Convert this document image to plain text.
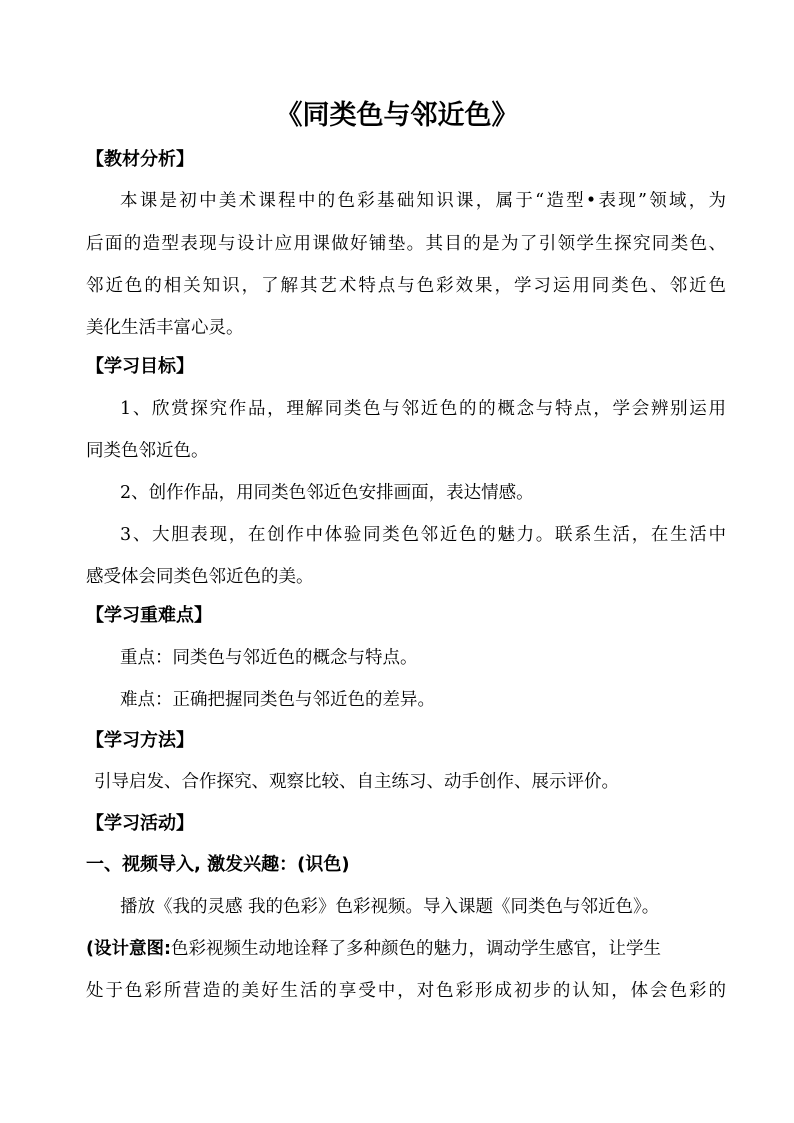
《同类色与邻近色》
【教材分析】
本课是初中美术课程中的色彩基础知识课，属于“造型•表现”领域，为
后面的造型表现与设计应用课做好铺垫。其目的是为了引领学生探究同类色、
邻近色的相关知识，了解其艺术特点与色彩效果，学习运用同类色、邻近色
美化生活丰富心灵。
【学习目标】
1、欣赏探究作品，理解同类色与邻近色的的概念与特点，学会辨别运用
同类色邻近色。
2、创作作品，用同类色邻近色安排画面，表达情感。
3、大胆表现，在创作中体验同类色邻近色的魅力。联系生活，在生活中
感受体会同类色邻近色的美。
【学习重难点】
重点：同类色与邻近色的概念与特点。
难点：正确把握同类色与邻近色的差异。
【学习方法】
引导启发、合作探究、观察比较、自主练习、动手创作、展示评价。
【学习活动】
一、视频导入, 激发兴趣：(识色)
播放《我的灵感 我的色彩》色彩视频。导入课题《同类色与邻近色》。
(设计意图:色彩视频生动地诠释了多种颜色的魅力，调动学生感官，让学生
处于色彩所营造的美好生活的享受中，对色彩形成初步的认知，体会色彩的
